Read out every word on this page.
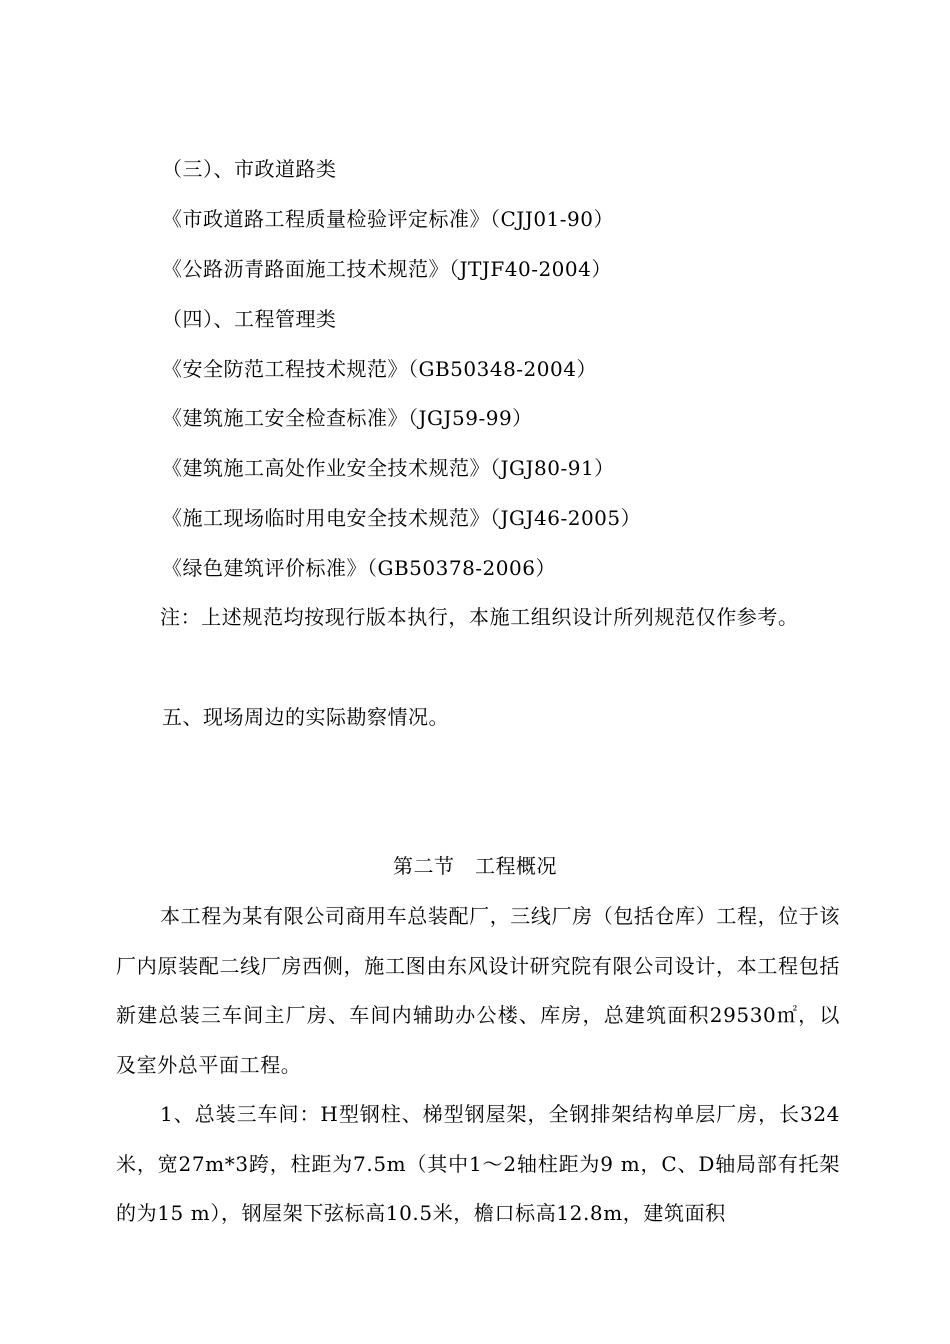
（三）、市政道路类
《市政道路工程质量检验评定标准》（CJJ01-90）
《公路沥青路面施工技术规范》（JTJF40-2004）
（四）、工程管理类
《安全防范工程技术规范》（GB50348-2004）
《建筑施工安全检查标准》（JGJ59-99）
《建筑施工高处作业安全技术规范》（JGJ80-91）
《施工现场临时用电安全技术规范》（JGJ46-2005）
《绿色建筑评价标准》（GB50378-2006）
注：上述规范均按现行版本执行，本施工组织设计所列规范仅作参考。
五、现场周边的实际勘察情况。
第二节　工程概况
本工程为某有限公司商用车总装配厂，三线厂房（包括仓库）工程，位于该厂内原装配二线厂房西侧，施工图由东风设计研究院有限公司设计，本工程包括新建总装三车间主厂房、车间内辅助办公楼、库房，总建筑面积29530㎡，以及室外总平面工程。
1、总装三车间：H型钢柱、梯型钢屋架，全钢排架结构单层厂房，长324米，宽27m*3跨，柱距为7.5m（其中1～2轴柱距为9 m，C、D轴局部有托架的为15 m），钢屋架下弦标高10.5米，檐口标高12.8m，建筑面积
